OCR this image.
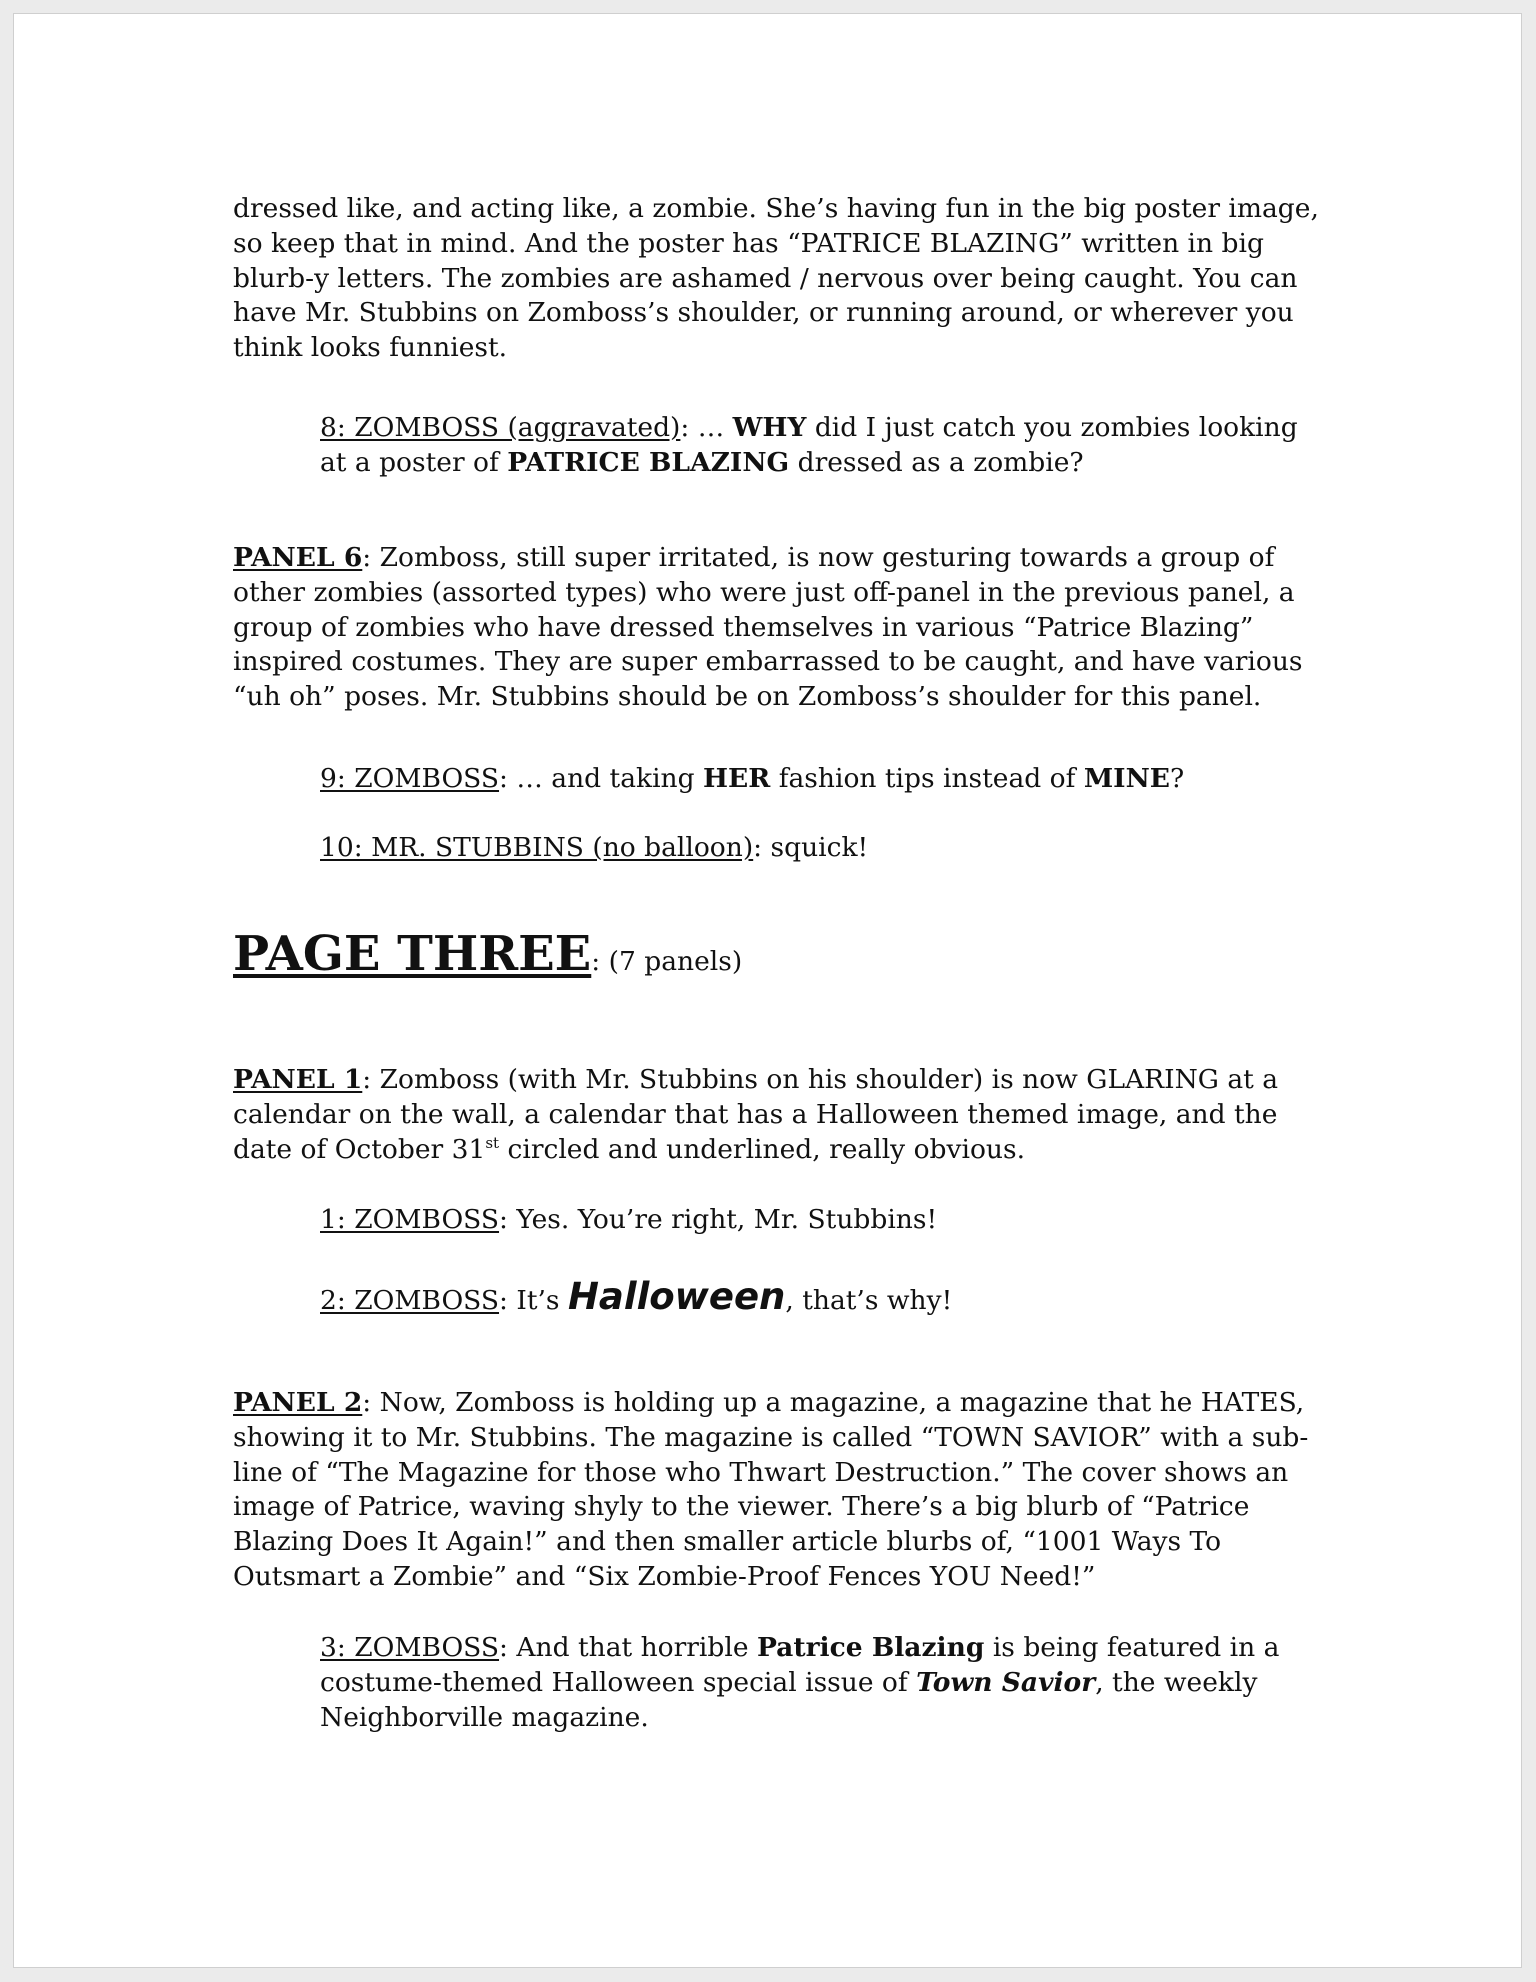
dressed like, and acting like, a zombie. She’s having fun in the big poster image, so keep that in mind. And the poster has “PATRICE BLAZING” written in big blurb-y letters. The zombies are ashamed / nervous over being caught. You can have Mr. Stubbins on Zomboss’s shoulder, or running around, or wherever you think looks funniest.
8: ZOMBOSS (aggravated): … WHY did I just catch you zombies looking at a poster of PATRICE BLAZING dressed as a zombie?
PANEL 6: Zomboss, still super irritated, is now gesturing towards a group of other zombies (assorted types) who were just off-panel in the previous panel, a group of zombies who have dressed themselves in various “Patrice Blazing” inspired costumes. They are super embarrassed to be caught, and have various “uh oh” poses. Mr. Stubbins should be on Zomboss’s shoulder for this panel.
9: ZOMBOSS: … and taking HER fashion tips instead of MINE?
10: MR. STUBBINS (no balloon): squick!
PAGE THREE: (7 panels)
PANEL 1: Zomboss (with Mr. Stubbins on his shoulder) is now GLARING at a calendar on the wall, a calendar that has a Halloween themed image, and the date of October 31st circled and underlined, really obvious.
1: ZOMBOSS: Yes. You’re right, Mr. Stubbins!
2: ZOMBOSS: It’s Halloween, that’s why!
PANEL 2: Now, Zomboss is holding up a magazine, a magazine that he HATES, showing it to Mr. Stubbins. The magazine is called “TOWN SAVIOR” with a sub-line of “The Magazine for those who Thwart Destruction.” The cover shows an image of Patrice, waving shyly to the viewer. There’s a big blurb of “Patrice Blazing Does It Again!” and then smaller article blurbs of, “1001 Ways To Outsmart a Zombie” and “Six Zombie-Proof Fences YOU Need!”
3: ZOMBOSS: And that horrible Patrice Blazing is being featured in a costume-themed Halloween special issue of Town Savior, the weekly Neighborville magazine.
